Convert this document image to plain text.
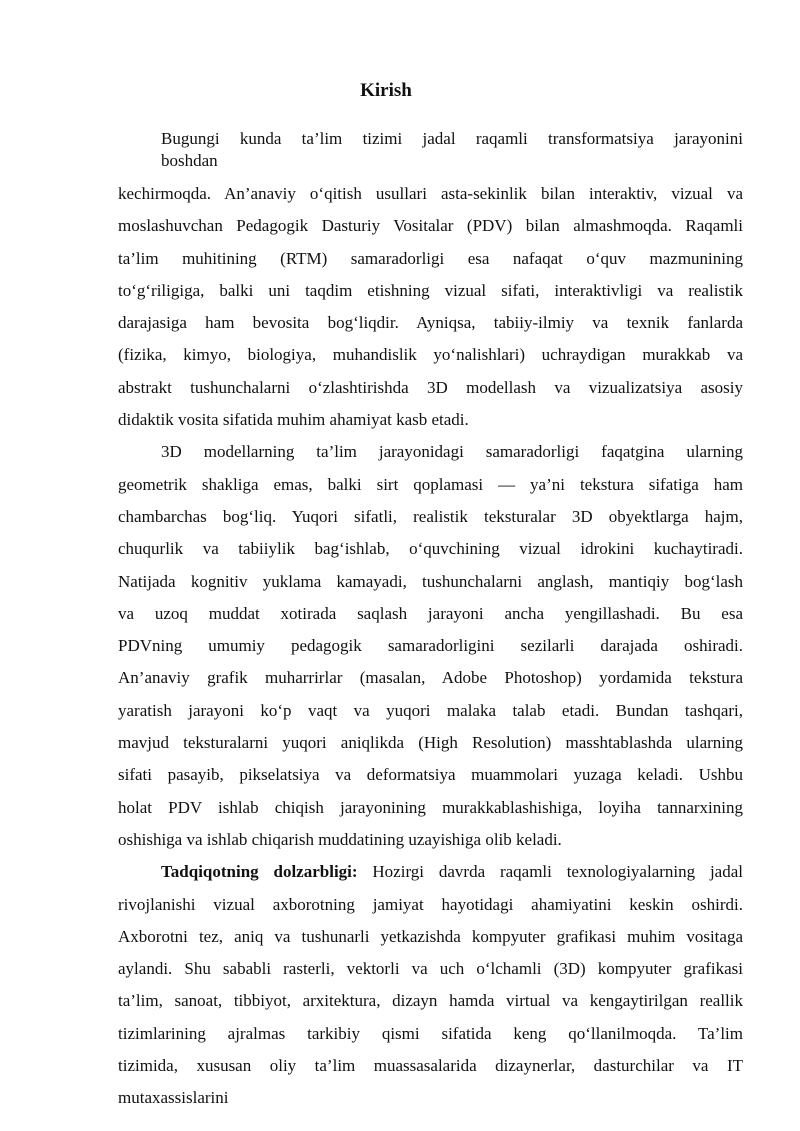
Kirish
Bugungi kunda ta’lim tizimi jadal raqamli transformatsiya jarayonini
boshdan
kechirmoqda. An’anaviy o‘qitish usullari asta-sekinlik bilan interaktiv, vizual va
moslashuvchan Pedagogik Dasturiy Vositalar (PDV) bilan almashmoqda. Raqamli
ta’lim muhitining (RTM) samaradorligi esa nafaqat o‘quv mazmunining
to‘g‘riligiga, balki uni taqdim etishning vizual sifati, interaktivligi va realistik
darajasiga ham bevosita bog‘liqdir. Ayniqsa, tabiiy-ilmiy va texnik fanlarda
(fizika, kimyo, biologiya, muhandislik yo‘nalishlari) uchraydigan murakkab va
abstrakt tushunchalarni o‘zlashtirishda 3D modellash va vizualizatsiya asosiy
didaktik vosita sifatida muhim ahamiyat kasb etadi.
3D modellarning ta’lim jarayonidagi samaradorligi faqatgina ularning
geometrik shakliga emas, balki sirt qoplamasi — ya’ni tekstura sifatiga ham
chambarchas bog‘liq. Yuqori sifatli, realistik teksturalar 3D obyektlarga hajm,
chuqurlik va tabiiylik bag‘ishlab, o‘quvchining vizual idrokini kuchaytiradi.
Natijada kognitiv yuklama kamayadi, tushunchalarni anglash, mantiqiy bog‘lash
va uzoq muddat xotirada saqlash jarayoni ancha yengillashadi. Bu esa
PDVning umumiy pedagogik samaradorligini sezilarli darajada oshiradi.
An’anaviy grafik muharrirlar (masalan, Adobe Photoshop) yordamida tekstura
yaratish jarayoni ko‘p vaqt va yuqori malaka talab etadi. Bundan tashqari,
mavjud teksturalarni yuqori aniqlikda (High Resolution) masshtablashda ularning
sifati pasayib, pikselatsiya va deformatsiya muammolari yuzaga keladi. Ushbu
holat PDV ishlab chiqish jarayonining murakkablashishiga, loyiha tannarxining
oshishiga va ishlab chiqarish muddatining uzayishiga olib keladi.
Tadqiqotning dolzarbligi: Hozirgi davrda raqamli texnologiyalarning jadal
rivojlanishi vizual axborotning jamiyat hayotidagi ahamiyatini keskin oshirdi.
Axborotni tez, aniq va tushunarli yetkazishda kompyuter grafikasi muhim vositaga
aylandi. Shu sababli rasterli, vektorli va uch o‘lchamli (3D) kompyuter grafikasi
ta’lim, sanoat, tibbiyot, arxitektura, dizayn hamda virtual va kengaytirilgan reallik
tizimlarining ajralmas tarkibiy qismi sifatida keng qo‘llanilmoqda. Ta’lim
tizimida, xususan oliy ta’lim muassasalarida dizaynerlar, dasturchilar va IT
mutaxassislarini
